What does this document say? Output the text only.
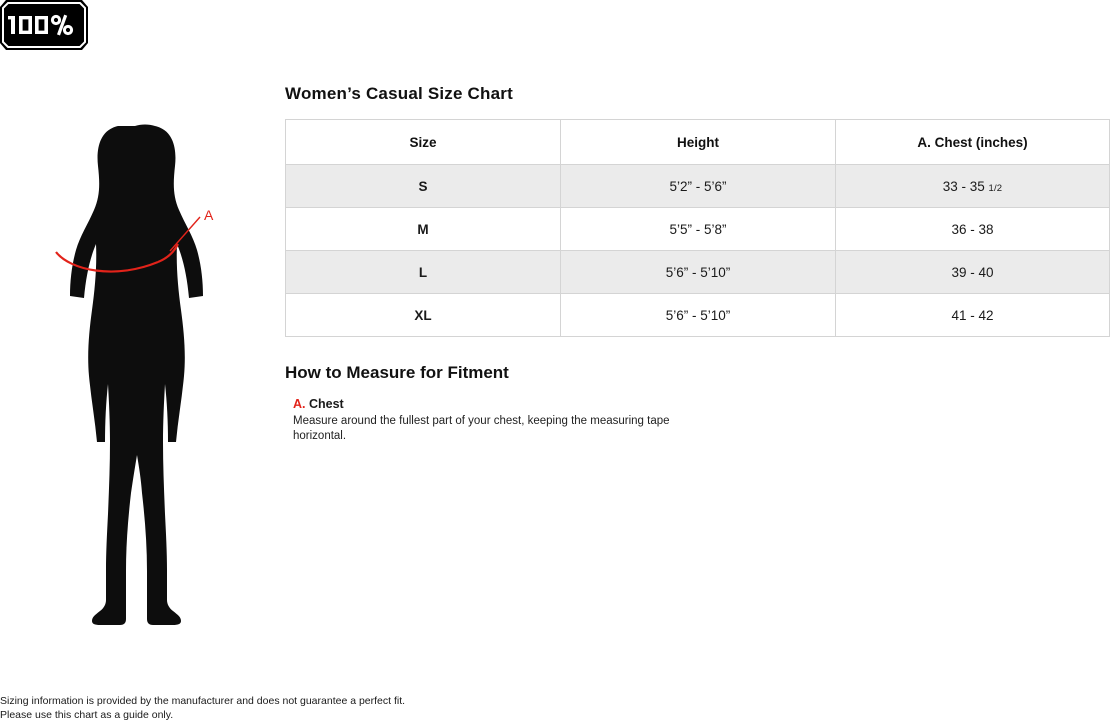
A
Women’s Casual Size Chart
Size	Height	A. Chest (inches)
S	5’2” - 5’6”	33 - 35 1/2
M	5’5” - 5’8”	36 - 38
L	5’6” - 5’10”	39 - 40
XL	5’6” - 5’10”	41 - 42
How to Measure for Fitment
A. Chest
Measure around the fullest part of your chest, keeping the measuring tape horizontal.
Sizing information is provided by the manufacturer and does not guarantee a perfect fit.
Please use this chart as a guide only.
